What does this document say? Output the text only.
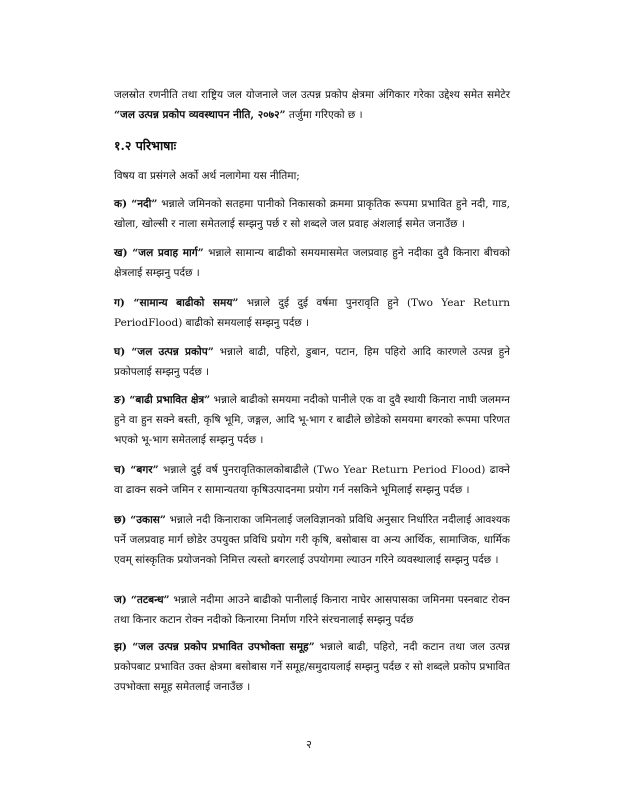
जलस्रोत रणनीति तथा राष्ट्रिय जल योजनाले जल उत्पन्न प्रकोप क्षेत्रमा अंगिकार गरेका उद्देश्य समेत समेटेर “जल उत्पन्न प्रकोप व्यवस्थापन नीति, २०७२” तर्जुमा गरिएको छ ।

१.२ परिभाषाः

विषय वा प्रसंगले अर्को अर्थ नलागेमा यस नीतिमा;

क) “नदी” भन्नाले जमिनको सतहमा पानीको निकासको क्रममा प्राकृतिक रूपमा प्रभावित हुने नदी, गाड, खोला, खोल्सी र नाला समेतलाई सम्झनु पर्छ र सो शब्दले जल प्रवाह अंशलाई समेत जनाउँछ ।

ख) “जल प्रवाह मार्ग” भन्नाले सामान्य बाढीको समयमासमेत जलप्रवाह हुने नदीका दुवै किनारा बीचको क्षेत्रलाई सम्झनु पर्दछ ।

ग) “सामान्य बाढीको समय” भन्नाले दुई दुई वर्षमा पुनरावृति हुने (Two Year Return PeriodFlood) बाढीको समयलाई सम्झनु पर्दछ ।

घ) “जल उत्पन्न प्रकोप” भन्नाले बाढी, पहिरो, डुबान, पटान, हिम पहिरो आदि कारणले उत्पन्न हुने प्रकोपलाई सम्झनु पर्दछ ।

ङ) “बाढी प्रभावित क्षेत्र” भन्नाले बाढीको समयमा नदीको पानीले एक वा दुवै स्थायी किनारा नाघी जलमग्न हुने वा हुन सक्ने बस्ती, कृषि भूमि, जङ्गल, आदि भू-भाग र बाढीले छोडेको समयमा बगरको रूपमा परिणत भएको भू-भाग समेतलाई सम्झनु पर्दछ ।

च) “बगर” भन्नाले दुई वर्ष पुनरावृतिकालकोबाढीले (Two Year Return Period Flood) ढाक्ने वा ढाक्न सक्ने जमिन र सामान्यतया कृषिउत्पादनमा प्रयोग गर्न नसकिने भूमिलाई सम्झनु पर्दछ ।

छ) “उकास” भन्नाले नदी किनाराका जमिनलाई जलविज्ञानको प्रविधि अनुसार निर्धारित नदीलाई आवश्यक पर्ने जलप्रवाह मार्ग छोडेर उपयुक्त प्रविधि प्रयोग गरी कृषि, बसोबास वा अन्य आर्थिक, सामाजिक, धार्मिक एवम् सांस्कृतिक प्रयोजनको निमित्त त्यस्तो बगरलाई उपयोगमा ल्याउन गरिने व्यवस्थालाई सम्झनु पर्दछ ।

ज) “तटबन्ध” भन्नाले नदीमा आउने बाढीको पानीलाई किनारा नाघेर आसपासका जमिनमा पस्नबाट रोक्न तथा किनार कटान रोक्न नदीको किनारमा निर्माण गरिने संरचनालाई सम्झनु पर्दछ

झ) “जल उत्पन्न प्रकोप प्रभावित उपभोक्ता समूह” भन्नाले बाढी, पहिरो, नदी कटान तथा जल उत्पन्न प्रकोपबाट प्रभावित उक्त क्षेत्रमा बसोबास गर्ने समूह/समुदायलाई सम्झनु पर्दछ र सो शब्दले प्रकोप प्रभावित उपभोक्ता समूह समेतलाई जनाउँछ ।

२
